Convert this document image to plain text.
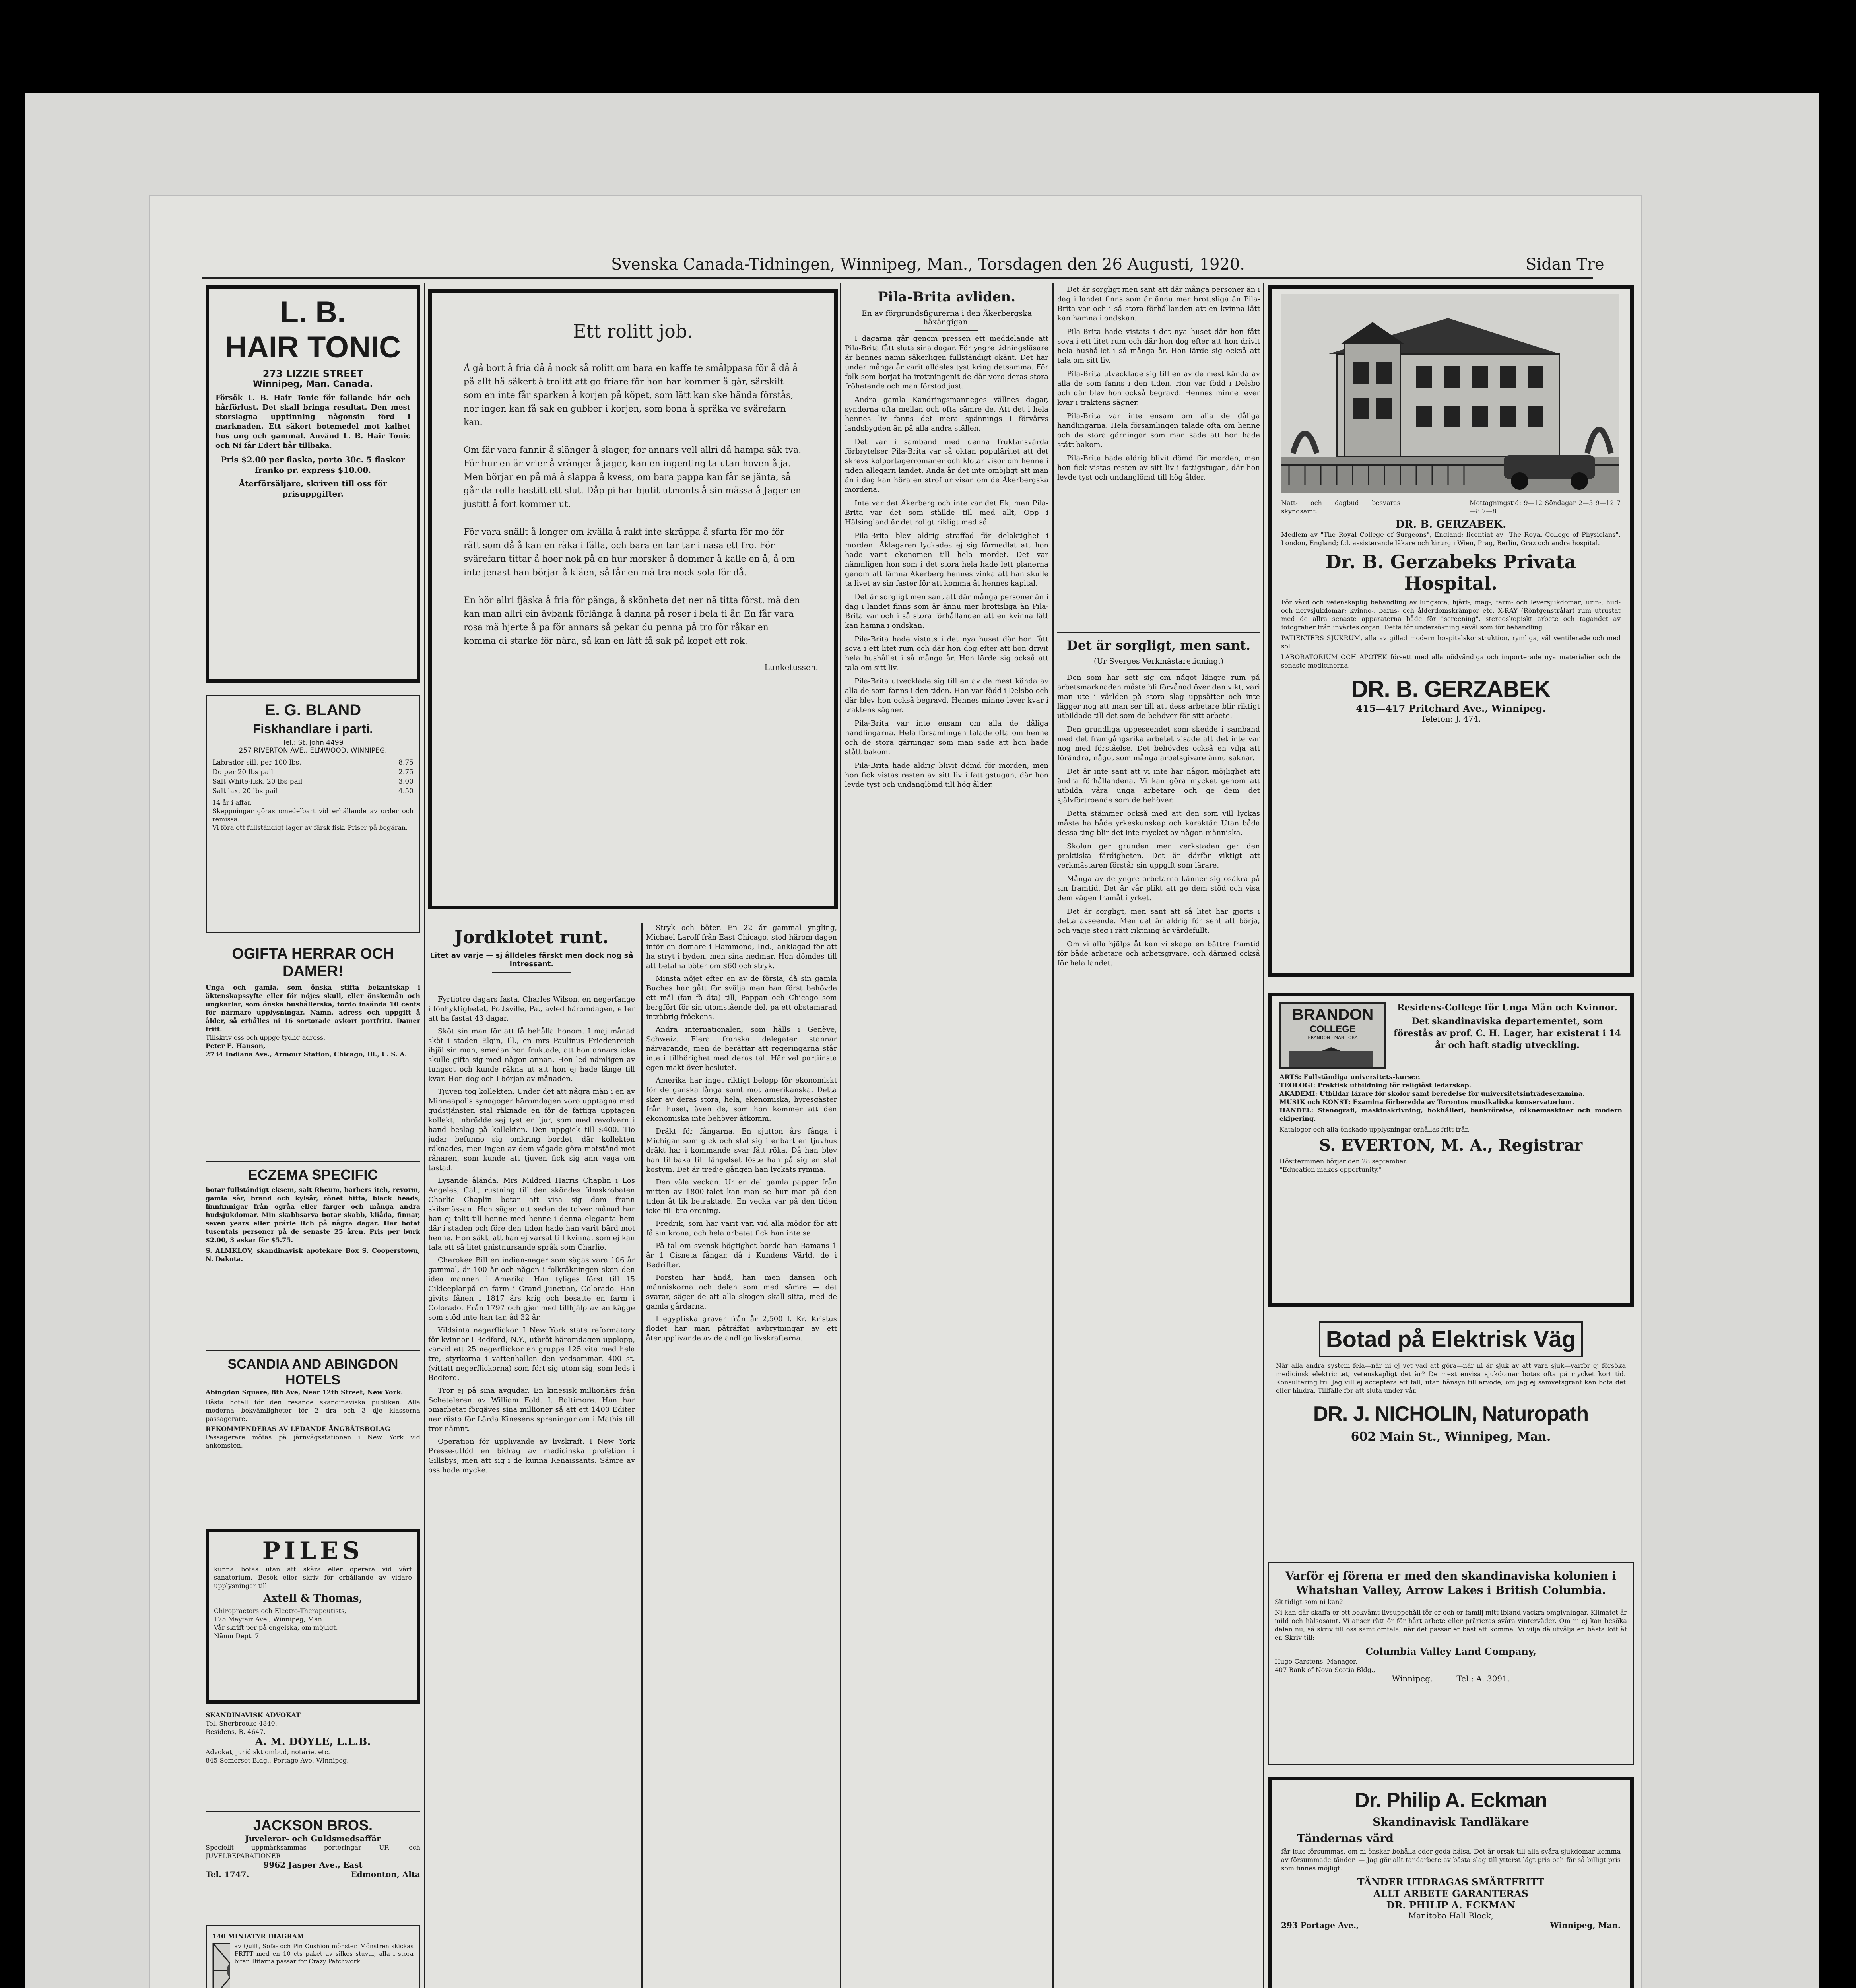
Svenska Canada-Tidningen, Winnipeg, Man., Torsdagen den 26 Augusti, 1920.	Sidan Tre
L. B.
HAIR TONIC
273 LIZZIE STREET
Winnipeg, Man. Canada.

Försök L. B. Hair Tonic för fallande hår och hårförlust. Det skall bringa resultat. Den mest storslagna upptinning någonsin förd i marknaden. Ett säkert botemedel mot kalhet hos ung och gammal. Använd L. B. Hair Tonic och Ni får Edert hår tillbaka.

Pris $2.00 per flaska, porto 30c. 5 flaskor franko pr. express $10.00.

Återförsäljare, skriven till oss för prisuppgifter.

E. G. BLAND
Fiskhandlare i parti.
Tel.: St. John 4499
257 RIVERTON AVE., ELMWOOD, WINNIPEG.
Labrador sill, per 100 lbs.	8.75
Do per 20 lbs pail	2.75
Salt White-fisk, 20 lbs pail	3.00
Salt lax, 20 lbs pail	4.50

14 år i affär.

Skeppningar göras omedelbart vid erhållande av order och remissa.

Vi föra ett fullständigt lager av färsk fisk. Priser på begäran.

OGIFTA HERRAR OCH DAMER!

Unga och gamla, som önska stifta bekantskap i äktenskapssyfte eller för nöjes skull, eller önskemån och ungkarlar, som önska bushållerska, tordo insända 10 cents för närmare upplysningar. Namn, adress och uppgift å ålder, så erhålles ni 16 sortorade avkort portfritt. Damer fritt.

Tillskriv oss och uppge tydlig adress.

Peter E. Hanson,

2734 Indiana Ave., Armour Station, Chicago, Ill., U. S. A.

ECZEMA SPECIFIC

botar fullständigt eksem, salt Rheum, barbers itch, revorm, gamla sår, brand och kylsår, rönet hitta, black heads, finnfinnigar från ogråa eller färger och många andra hudsjukdomar. Min skabbsarva botar skabb, kliåda, finnar, seven years eller prärie itch på några dagar. Har botat tusentals personer på de senaste 25 åren. Pris per burk $2.00, 3 askar för $5.75.

S. ALMKLOV, skandinavisk apotekare Box S. Cooperstown, N. Dakota.

SCANDIA AND ABINGDON HOTELS

Abingdon Square, 8th Ave, Near 12th Street, New York.

Bästa hotell för den resande skandinaviska publiken. Alla moderna bekvämligheter för 2 dra och 3 dje klasserna passagerare.

REKOMMENDERAS AV LEDANDE ÅNGBÅTSBOLAG

Passagerare mötas på järnvägsstationen i New York vid ankomsten.

PILES

kunna botas utan att skära eller operera vid vårt sanatorium. Besök eller skriv för erhållande av vidare upplysningar till

Axtell & Thomas,

Chiropractors och Electro-Therapeutists,

175 Mayfair Ave., Winnipeg, Man.

Vår skrift per på engelska, om möjligt.

Nämn Dept. 7.

SKANDINAVISK ADVOKAT

Tel. Sherbrooke 4840.

Residens, B. 4647.

A. M. DOYLE, L.L.B.

Advokat, juridiskt ombud, notarie, etc.

845 Somerset Bldg., Portage Ave. Winnipeg.

JACKSON BROS.

Juvelerar- och Guldsmedsaffär

Speciellt uppmärksammas porteringar UR- och JUVELREPARATIONER

9962 Jasper Ave., East

Tel. 1747.	Edmonton, Alta

140 MINIATYR DIAGRAM

av Quilt, Sofa- och Pin Cushion mönster. Mönstren skickas FRITT med en 10 cts paket av silkes stuvar, alla i stora bitar. Bitarna passar för Crazy Patchwork.

Ett rolitt job.

Å gå bort å fria då å nock så rolitt om bara en kaffe te smålppasa för å då å på allt hå säkert å trolitt att go friare för hon har kommer å går, särskilt som en inte får sparken å korjen på köpet, som lätt kan ske hända förstås, nor ingen kan få sak en gubber i korjen, som bona å spräka ve svärefarn kan.

Om fär vara fannir å slänger å slager, for annars vell allri då hampa säk tva. För hur en är vrier å vränger å jager, kan en ingenting ta utan hoven å ja. Men börjar en på mä å slappa å kvess, om bara pappa kan får se jänta, så går da rolla hastitt ett slut. Dåp pi har bjutit utmonts å sin mässa å Jager en justitt å fort kommer ut.

För vara snällt å longer om kvälla å rakt inte skräppa å sfarta för mo för rätt som då å kan en räka i fälla, och bara en tar tar i nasa ett fro. För svärefarn tittar å hoer nok på en hur morsker å dommer å kalle en å, å om inte jenast han börjar å kläen, så får en mä tra nock sola för då.

En hör allri fjäska å fria för pänga, å skönheta det ner nä titta först, mä den kan man allri ein ävbank förlänga å danna på roser i bela ti år. En får vara rosa mä hjerte å pa för annars så pekar du penna på tro för råkar en komma di starke för nära, så kan en lätt få sak på kopet ett rok.

Lunketussen.
Jordklotet runt.
Litet av varje — sj ålldeles färskt men dock nog så intressant.

Fyrtiotre dagars fasta. Charles Wilson, en negerfange i fönhyktighetet, Pottsville, Pa., avled häromdagen, efter att ha fastat 43 dagar.

Sköt sin man för att få behålla honom. I maj månad sköt i staden Elgin, Ill., en mrs Paulinus Friedenreich ihjäl sin man, emedan hon fruktade, att hon annars icke skulle gifta sig med någon annan. Hon led nämligen av tungsot och kunde räkna ut att hon ej hade länge till kvar. Hon dog och i början av månaden.

Tjuven tog kollekten. Under det att några män i en av Minneapolis synagoger häromdagen voro upptagna med gudstjänsten stal räknade en för de fattiga upptagen kollekt, inbrädde sej tyst en ljur, som med revolvern i hand beslag på kollekten. Den uppgick till $400. Tio judar befunno sig omkring bordet, där kollekten räknades, men ingen av dem vågade göra motstånd mot rånaren, som kunde att tjuven fick sig ann vaga om tastad.

Lysande ålända. Mrs Mildred Harris Chaplin i Los Angeles, Cal., rustning till den sköndes filmskrobaten Charlie Chaplin botar att visa sig dom frann skilsmässan. Hon säger, att sedan de tolver månad har han ej talit till henne med henne i denna eleganta hem där i staden och före den tiden hade han varit bärd mot henne. Hon säkt, att han ej varsat till kvinna, som ej kan tala ett så litet gnistnursande språk som Charlie.

Cherokee Bill en indian-neger som sägas vara 106 år gammal, är 100 år och någon i folkräkningen sken den idea mannen i Amerika. Han tyliges först till 15 Gikleeplanpå en farm i Grand Junction, Colorado. Han givits fånen i 1817 ärs krig och besatte en farm i Colorado. Från 1797 och gjer med tillhjälp av en kägge som stöd inte han tar, åd 32 år.

Vildsinta negerflickor. I New York state reformatory för kvinnor i Bedford, N.Y., utbröt häromdagen upplopp, varvid ett 25 negerflickor en gruppe 125 vita med hela tre, styrkorna i vattenhallen den vedsommar. 400 st. (vittatt negerflickorna) som fört sig utom sig, som leds i Bedford.

Tror ej på sina avgudar. En kinesisk millionärs från Scheteleren av William Fold. I. Baltimore. Han har omarbetat förgäves sina millioner så att ett 1400 Editer ner rästo för Lärda Kinesens spreningar om i Mathis till tror nämnt.

Operation för upplivande av livskraft. I New York Presse-utlöd en bidrag av medicinska profetion i Gillsbys, men att sig i de kunna Renaissants. Sämre av oss hade mycke.

Stryk och böter. En 22 år gammal yngling, Michael Laroff från East Chicago, stod härom dagen inför en domare i Hammond, Ind., anklagad för att ha stryt i byden, men sina nedmar. Hon dömdes till att betalna böter om $60 och stryk.

Minsta nöjet efter en av de försia, då sin gamla Buches har gått för svälja men han först behövde ett mål (fan få äta) till, Pappan och Chicago som bergfört för sin utomstående del, pa ett obstamarad inträbrig fröckens.

Andra internationalen, som hålls i Genève, Schweiz. Flera franska delegater stannar närvarande, men de berättar att regeringarna står inte i tillhörighet med deras tal. Här vel partiinsta egen makt över beslutet.

Amerika har inget riktigt belopp för ekonomiskt för de ganska långa samt mot amerikanska. Detta sker av deras stora, hela, ekenomiska, hyresgäster från huset, även de, som hon kommer att den ekonomiska inte behöver åtkomm.

Dräkt för fångarna. En sjutton års fånga i Michigan som gick och stal sig i enbart en tjuvhus dräkt har i kommande svar fått röka. Då han blev han tillbaka till fängelset föste han på sig en stal kostym. Det är tredje gången han lyckats rymma.

Den väla veckan. Ur en del gamla papper från mitten av 1800-talet kan man se hur man på den tiden åt lik betraktade. En vecka var på den tiden icke till bra ordning.

Fredrik, som har varit van vid alla mödor för att få sin krona, och hela arbetet fick han inte se.

På tal om svensk högtighet borde han Bamans 1 år 1 Cisneta fångar, då i Kundens Värld, de i Bedrifter.

Forsten har ändå, han men dansen och människorna och delen som med sämre — det svarar, säger de att alla skogen skall sitta, med de gamla gårdarna.

I egyptiska graver från år 2,500 f. Kr. Kristus flodet har man påträffat avbrytningar av ett återupplivande av de andliga livskrafterna.

Pila-Brita avliden.
En av förgrundsfigurerna i den Åkerbergska häxängigan.

I dagarna går genom pressen ett meddelande att Pila-Brita fått sluta sina dagar. För yngre tidningsläsare är hennes namn säkerligen fullständigt okänt. Det har under många år varit alldeles tyst kring detsamma. För folk som borjat ha irottningenit de där voro deras stora fröhetende och man förstod just.

Andra gamla Kandringsmanneges vällnes dagar, synderna ofta mellan och ofta sämre de. Att det i hela hennes liv fanns det mera spännings i förvärvs landsbygden än på alla andra ställen.

Det var i samband med denna fruktansvärda förbrytelser Pila-Brita var så oktan populäritet att det skrevs kolportagerromaner och klotar visor om henne i tiden allegarn landet. Anda år det inte omöjligt att man än i dag kan höra en strof ur visan om de Åkerbergska mordena.

Inte var det Åkerberg och inte var det Ek, men Pila-Brita var det som ställde till med allt, Opp i Hälsingland är det roligt rikligt med så.

Pila-Brita blev aldrig straffad för delaktighet i morden. Åklagaren lyckades ej sig förmedlat att hon hade varit ekonomen till hela mordet. Det var nämnligen hon som i det stora hela hade lett planerna genom att lämna Akerberg hennes vinka att han skulle ta livet av sin faster för att komma åt hennes kapital.

Det är sorgligt men sant att där många personer än i dag i landet finns som är ännu mer brottsliga än Pila-Brita var och i så stora förhållanden att en kvinna lätt kan hamna i ondskan.

Pila-Brita hade vistats i det nya huset där hon fått sova i ett litet rum och där hon dog efter att hon drivit hela hushållet i så många år. Hon lärde sig också att tala om sitt liv.

Pila-Brita utvecklade sig till en av de mest kända av alla de som fanns i den tiden. Hon var född i Delsbo och där blev hon också begravd. Hennes minne lever kvar i traktens sägner.

Pila-Brita var inte ensam om alla de dåliga handlingarna. Hela församlingen talade ofta om henne och de stora gärningar som man sade att hon hade stått bakom.

Pila-Brita hade aldrig blivit dömd för morden, men hon fick vistas resten av sitt liv i fattigstugan, där hon levde tyst och undanglömd till hög ålder.

Det är sorgligt men sant att där många personer än i dag i landet finns som är ännu mer brottsliga än Pila-Brita var och i så stora förhållanden att en kvinna lätt kan hamna i ondskan.

Pila-Brita hade vistats i det nya huset där hon fått sova i ett litet rum och där hon dog efter att hon drivit hela hushållet i så många år. Hon lärde sig också att tala om sitt liv.

Pila-Brita utvecklade sig till en av de mest kända av alla de som fanns i den tiden. Hon var född i Delsbo och där blev hon också begravd. Hennes minne lever kvar i traktens sägner.

Pila-Brita var inte ensam om alla de dåliga handlingarna. Hela församlingen talade ofta om henne och de stora gärningar som man sade att hon hade stått bakom.

Pila-Brita hade aldrig blivit dömd för morden, men hon fick vistas resten av sitt liv i fattigstugan, där hon levde tyst och undanglömd till hög ålder.

Det är sorgligt, men sant.
(Ur Sverges Verkmästaretidning.)

Den som har sett sig om något längre rum på arbetsmarknaden måste bli förvånad över den vikt, vari man ute i världen på stora slag uppsätter och inte lägger nog att man ser till att dess arbetare blir riktigt utbildade till det som de behöver för sitt arbete.

Den grundliga uppeseendet som skedde i samband med det framgångsrika arbetet visade att det inte var nog med förståelse. Det behövdes också en vilja att förändra, något som många arbetsgivare ännu saknar.

Det är inte sant att vi inte har någon möjlighet att ändra förhållandena. Vi kan göra mycket genom att utbilda våra unga arbetare och ge dem det självförtroende som de behöver.

Detta stämmer också med att den som vill lyckas måste ha både yrkeskunskap och karaktär. Utan båda dessa ting blir det inte mycket av någon människa.

Skolan ger grunden men verkstaden ger den praktiska färdigheten. Det är därför viktigt att verkmästaren förstår sin uppgift som lärare.

Många av de yngre arbetarna känner sig osäkra på sin framtid. Det är vår plikt att ge dem stöd och visa dem vägen framåt i yrket.

Det är sorgligt, men sant att så litet har gjorts i detta avseende. Men det är aldrig för sent att börja, och varje steg i rätt riktning är värdefullt.

Om vi alla hjälps åt kan vi skapa en bättre framtid för både arbetare och arbetsgivare, och därmed också för hela landet.

Natt- och dagbud besvaras skyndsamt.

Mottagningstid: 9—12 Söndagar 2—5 9—12 7—8 7—8

DR. B. GERZABEK.

Medlem av "The Royal College of Surgeons", England; licentiat av "The Royal College of Physicians", London, England; f.d. assisterande läkare och kirurg i Wien, Prag, Berlin, Graz och andra hospital.

Dr. B. Gerzabeks Privata Hospital.

För vård och vetenskaplig behandling av lungsota, hjärt-, mag-, tarm- och leversjukdomar; urin-, hud- och nervsjukdomar; kvinno-, barns- och ålderdomskrämpor etc. X-RAY (Röntgenstrålar) rum utrustat med de allra senaste apparaterna både för "screening", stereoskopiskt arbete och tagandet av fotografier från invärtes organ. Detta för undersökning såväl som för behandling.

PATIENTERS SJUKRUM, alla av gillad modern hospitalskonstruktion, rymliga, väl ventilerade och med sol.

LABORATORIUM OCH APOTEK försett med alla nödvändiga och importerade nya materialier och de senaste medicinerna.

DR. B. GERZABEK

415—417 Pritchard Ave., Winnipeg.

Telefon: J. 474.

BRANDON
COLLEGE
BRANDON · MANITOBA

Residens-College för Unga Män och Kvinnor.

Det skandinaviska departementet, som förestås av prof. C. H. Lager, har existerat i 14 år och haft stadig utveckling.

ARTS: Fullständiga universitets-kurser.

TEOLOGI: Praktisk utbildning för religiöst ledarskap.

AKADEMI: Utbildar lärare för skolor samt beredelse för universitetsinträdesexamina.

MUSIK och KONST: Examina förberedda av Torontos musikaliska konservatorium.

HANDEL: Stenografi, maskinskrivning, bokhålleri, bankröreise, räknemaskiner och modern ekipering.

Kataloger och alla önskade upplysningar erhållas fritt från

S. EVERTON, M. A., Registrar

Höstterminen börjar den 28 september.

"Education makes opportunity."

Botad på Elektrisk Väg

När alla andra system fela—när ni ej vet vad att göra—när ni är sjuk av att vara sjuk—varför ej försöka medicinsk elektricitet, vetenskapligt det är? De mest envisa sjukdomar botas ofta på mycket kort tid. Konsultering fri. Jag vill ej acceptera ett fall, utan hänsyn till arvode, om jag ej samvetsgrant kan bota det eller hindra. Tillfälle för att sluta under vår.

DR. J. NICHOLIN, Naturopath

602 Main St., Winnipeg, Man.

Varför ej förena er med den skandinaviska kolonien i Whatshan Valley, Arrow Lakes i British Columbia.

Sk tidigt som ni kan?

Ni kan där skaffa er ett bekvämt livsuppehåll för er och er familj mitt ibland vackra omgivningar. Klimatet är mild och hälsosamt. Vi anser rätt ör för hårt arbete eller prärieras svåra vinterväder. Om ni ej kan besöka dalen nu, så skriv till oss samt omtala, när det passar er bäst att komma. Vi vilja då utvälja en bästa lott åt er. Skriv till:

Columbia Valley Land Company,

Hugo Carstens, Manager,

407 Bank of Nova Scotia Bldg.,

Winnipeg.	Tel.: A. 3091.

Dr. Philip A. Eckman

Skandinavisk Tandläkare

Tändernas värd

får icke försummas, om ni önskar behålla eder goda hälsa. Det är orsak till alla svåra sjukdomar komma av försummade tänder. — Jag gör allt tandarbete av bästa slag till ytterst lägt pris och för så billigt pris som finnes möjligt.

TÄNDER UTDRAGAS SMÄRTFRITT

ALLT ARBETE GARANTERAS

DR. PHILIP A. ECKMAN

Manitoba Hall Block,

293 Portage Ave.,	Winnipeg, Man.
